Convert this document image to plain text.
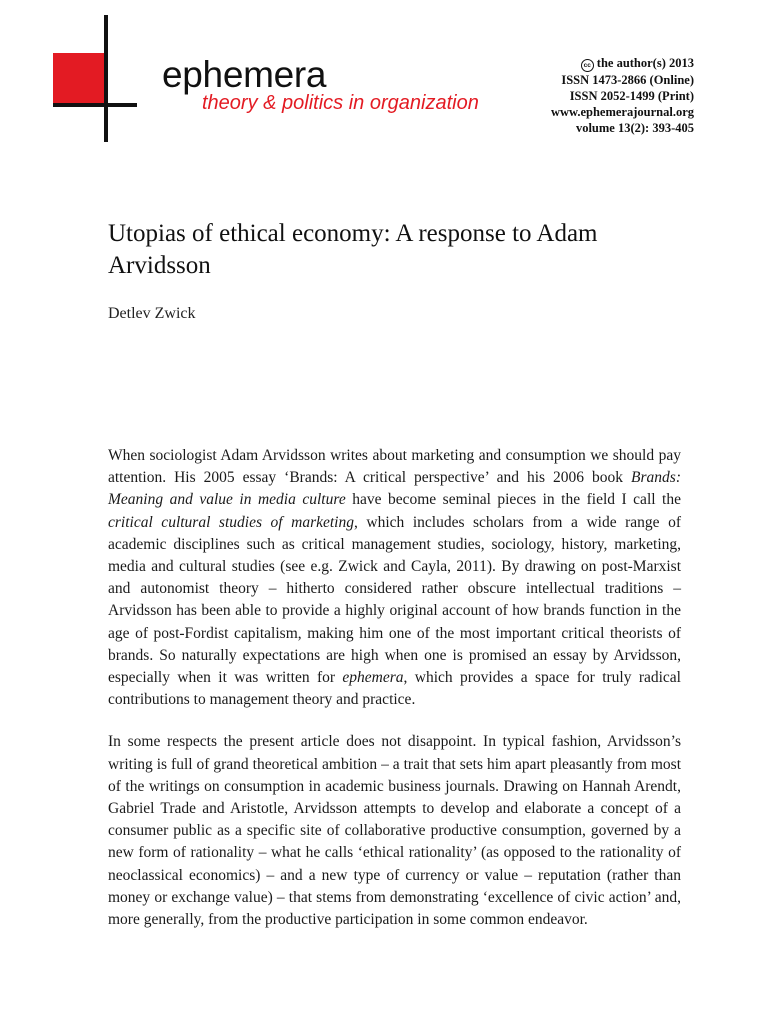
ephemera
theory & politics in organization
cc the author(s) 2013
ISSN 1473-2866 (Online)
ISSN 2052-1499 (Print)
www.ephemerajournal.org
volume 13(2): 393-405
Utopias of ethical economy: A response to Adam Arvidsson
Detlev Zwick

When sociologist Adam Arvidsson writes about marketing and consumption we should pay attention. His 2005 essay ‘Brands: A critical perspective’ and his 2006 book Brands: Meaning and value in media culture have become seminal pieces in the field I call the critical cultural studies of marketing, which includes scholars from a wide range of academic disciplines such as critical management studies, sociology, history, marketing, media and cultural studies (see e.g. Zwick and Cayla, 2011). By drawing on post-Marxist and autonomist theory – hitherto considered rather obscure intellectual traditions – Arvidsson has been able to provide a highly original account of how brands function in the age of post-Fordist capitalism, making him one of the most important critical theorists of brands. So naturally expectations are high when one is promised an essay by Arvidsson, especially when it was written for ephemera, which provides a space for truly radical contributions to management theory and practice.

In some respects the present article does not disappoint. In typical fashion, Arvidsson’s writing is full of grand theoretical ambition – a trait that sets him apart pleasantly from most of the writings on consumption in academic business journals. Drawing on Hannah Arendt, Gabriel Trade and Aristotle, Arvidsson attempts to develop and elaborate a concept of a consumer public as a specific site of collaborative productive consumption, governed by a new form of rationality – what he calls ‘ethical rationality’ (as opposed to the rationality of neoclassical economics) – and a new type of currency or value – reputation (rather than money or exchange value) – that stems from demonstrating ‘excellence of civic action’ and, more generally, from the productive participation in some common endeavor.
